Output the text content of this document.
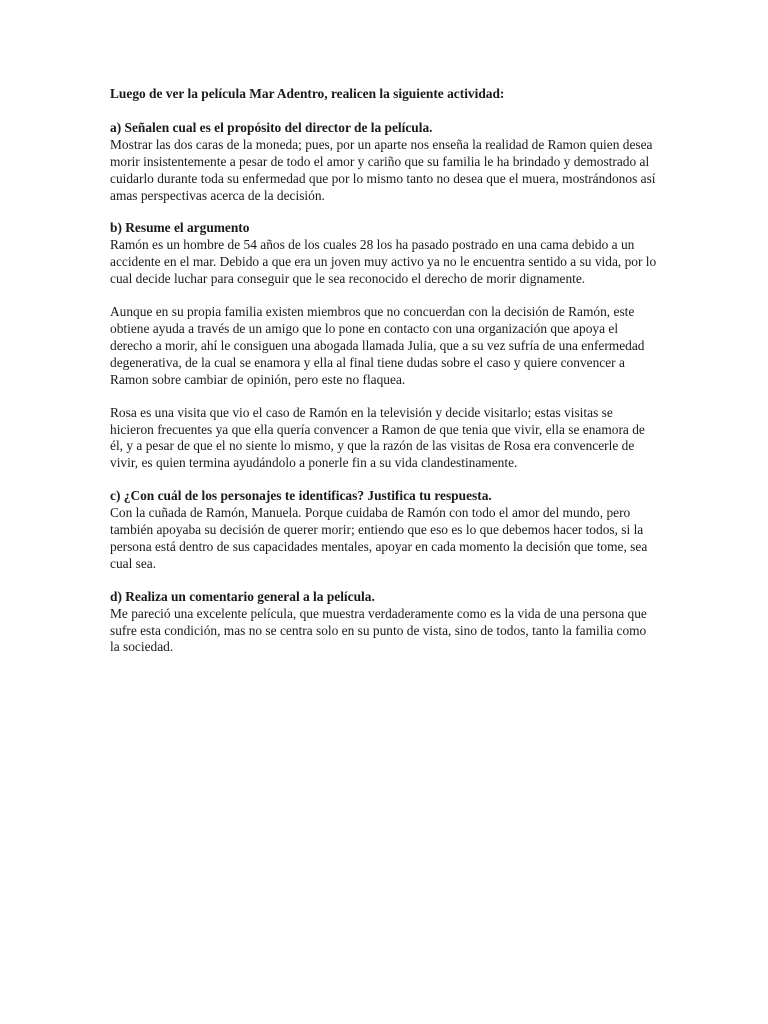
Luego de ver la película Mar Adentro, realicen la siguiente actividad:

a) Señalen cual es el propósito del director de la película.

Mostrar las dos caras de la moneda; pues, por un aparte nos enseña la realidad de Ramon quien desea morir insistentemente a pesar de todo el amor y cariño que su familia le ha brindado y demostrado al cuidarlo durante toda su enfermedad que por lo mismo tanto no desea que el muera, mostrándonos así amas perspectivas acerca de la decisión.

b) Resume el argumento

Ramón es un hombre de 54 años de los cuales 28 los ha pasado postrado en una cama debido a un accidente en el mar. Debido a que era un joven muy activo ya no le encuentra sentido a su vida, por lo cual decide luchar para conseguir que le sea reconocido el derecho de morir dignamente.

Aunque en su propia familia existen miembros que no concuerdan con la decisión de Ramón, este obtiene ayuda a través de un amigo que lo pone en contacto con una organización que apoya el derecho a morir, ahí le consiguen una abogada llamada Julia, que a su vez sufría de una enfermedad degenerativa, de la cual se enamora y ella al final tiene dudas sobre el caso y quiere convencer a Ramon sobre cambiar de opinión, pero este no flaquea.

Rosa es una visita que vio el caso de Ramón en la televisión y decide visitarlo; estas visitas se hicieron frecuentes ya que ella quería convencer a Ramon de que tenia que vivir, ella se enamora de él, y a pesar de que el no siente lo mismo, y que la razón de las visitas de Rosa era convencerle de vivir, es quien termina ayudándolo a ponerle fin a su vida clandestinamente.

c) ¿Con cuál de los personajes te identificas? Justifica tu respuesta.

Con la cuñada de Ramón, Manuela. Porque cuidaba de Ramón con todo el amor del mundo, pero también apoyaba su decisión de querer morir; entiendo que eso es lo que debemos hacer todos, si la persona está dentro de sus capacidades mentales, apoyar en cada momento la decisión que tome, sea cual sea.

d) Realiza un comentario general a la película.

Me pareció una excelente película, que muestra verdaderamente como es la vida de una persona que sufre esta condición, mas no se centra solo en su punto de vista, sino de todos, tanto la familia como la sociedad.
